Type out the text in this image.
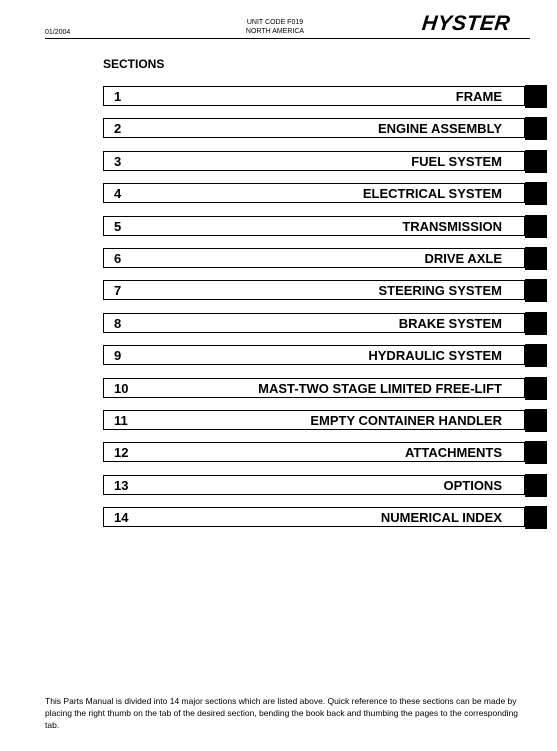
01/2004
UNIT CODE F019
NORTH AMERICA	HYSTER
SECTIONS
1	FRAME
2	ENGINE ASSEMBLY
3	FUEL SYSTEM
4	ELECTRICAL SYSTEM
5	TRANSMISSION
6	DRIVE AXLE
7	STEERING SYSTEM
8	BRAKE SYSTEM
9	HYDRAULIC SYSTEM
10	MAST-TWO STAGE LIMITED FREE-LIFT
11	EMPTY CONTAINER HANDLER
12	ATTACHMENTS
13	OPTIONS
14	NUMERICAL INDEX
This Parts Manual is divided into 14 major sections which are listed above. Quick reference to these sections can be made by placing the right thumb on the tab of the desired section, bending the book back and thumbing the pages to the corresponding tab.
